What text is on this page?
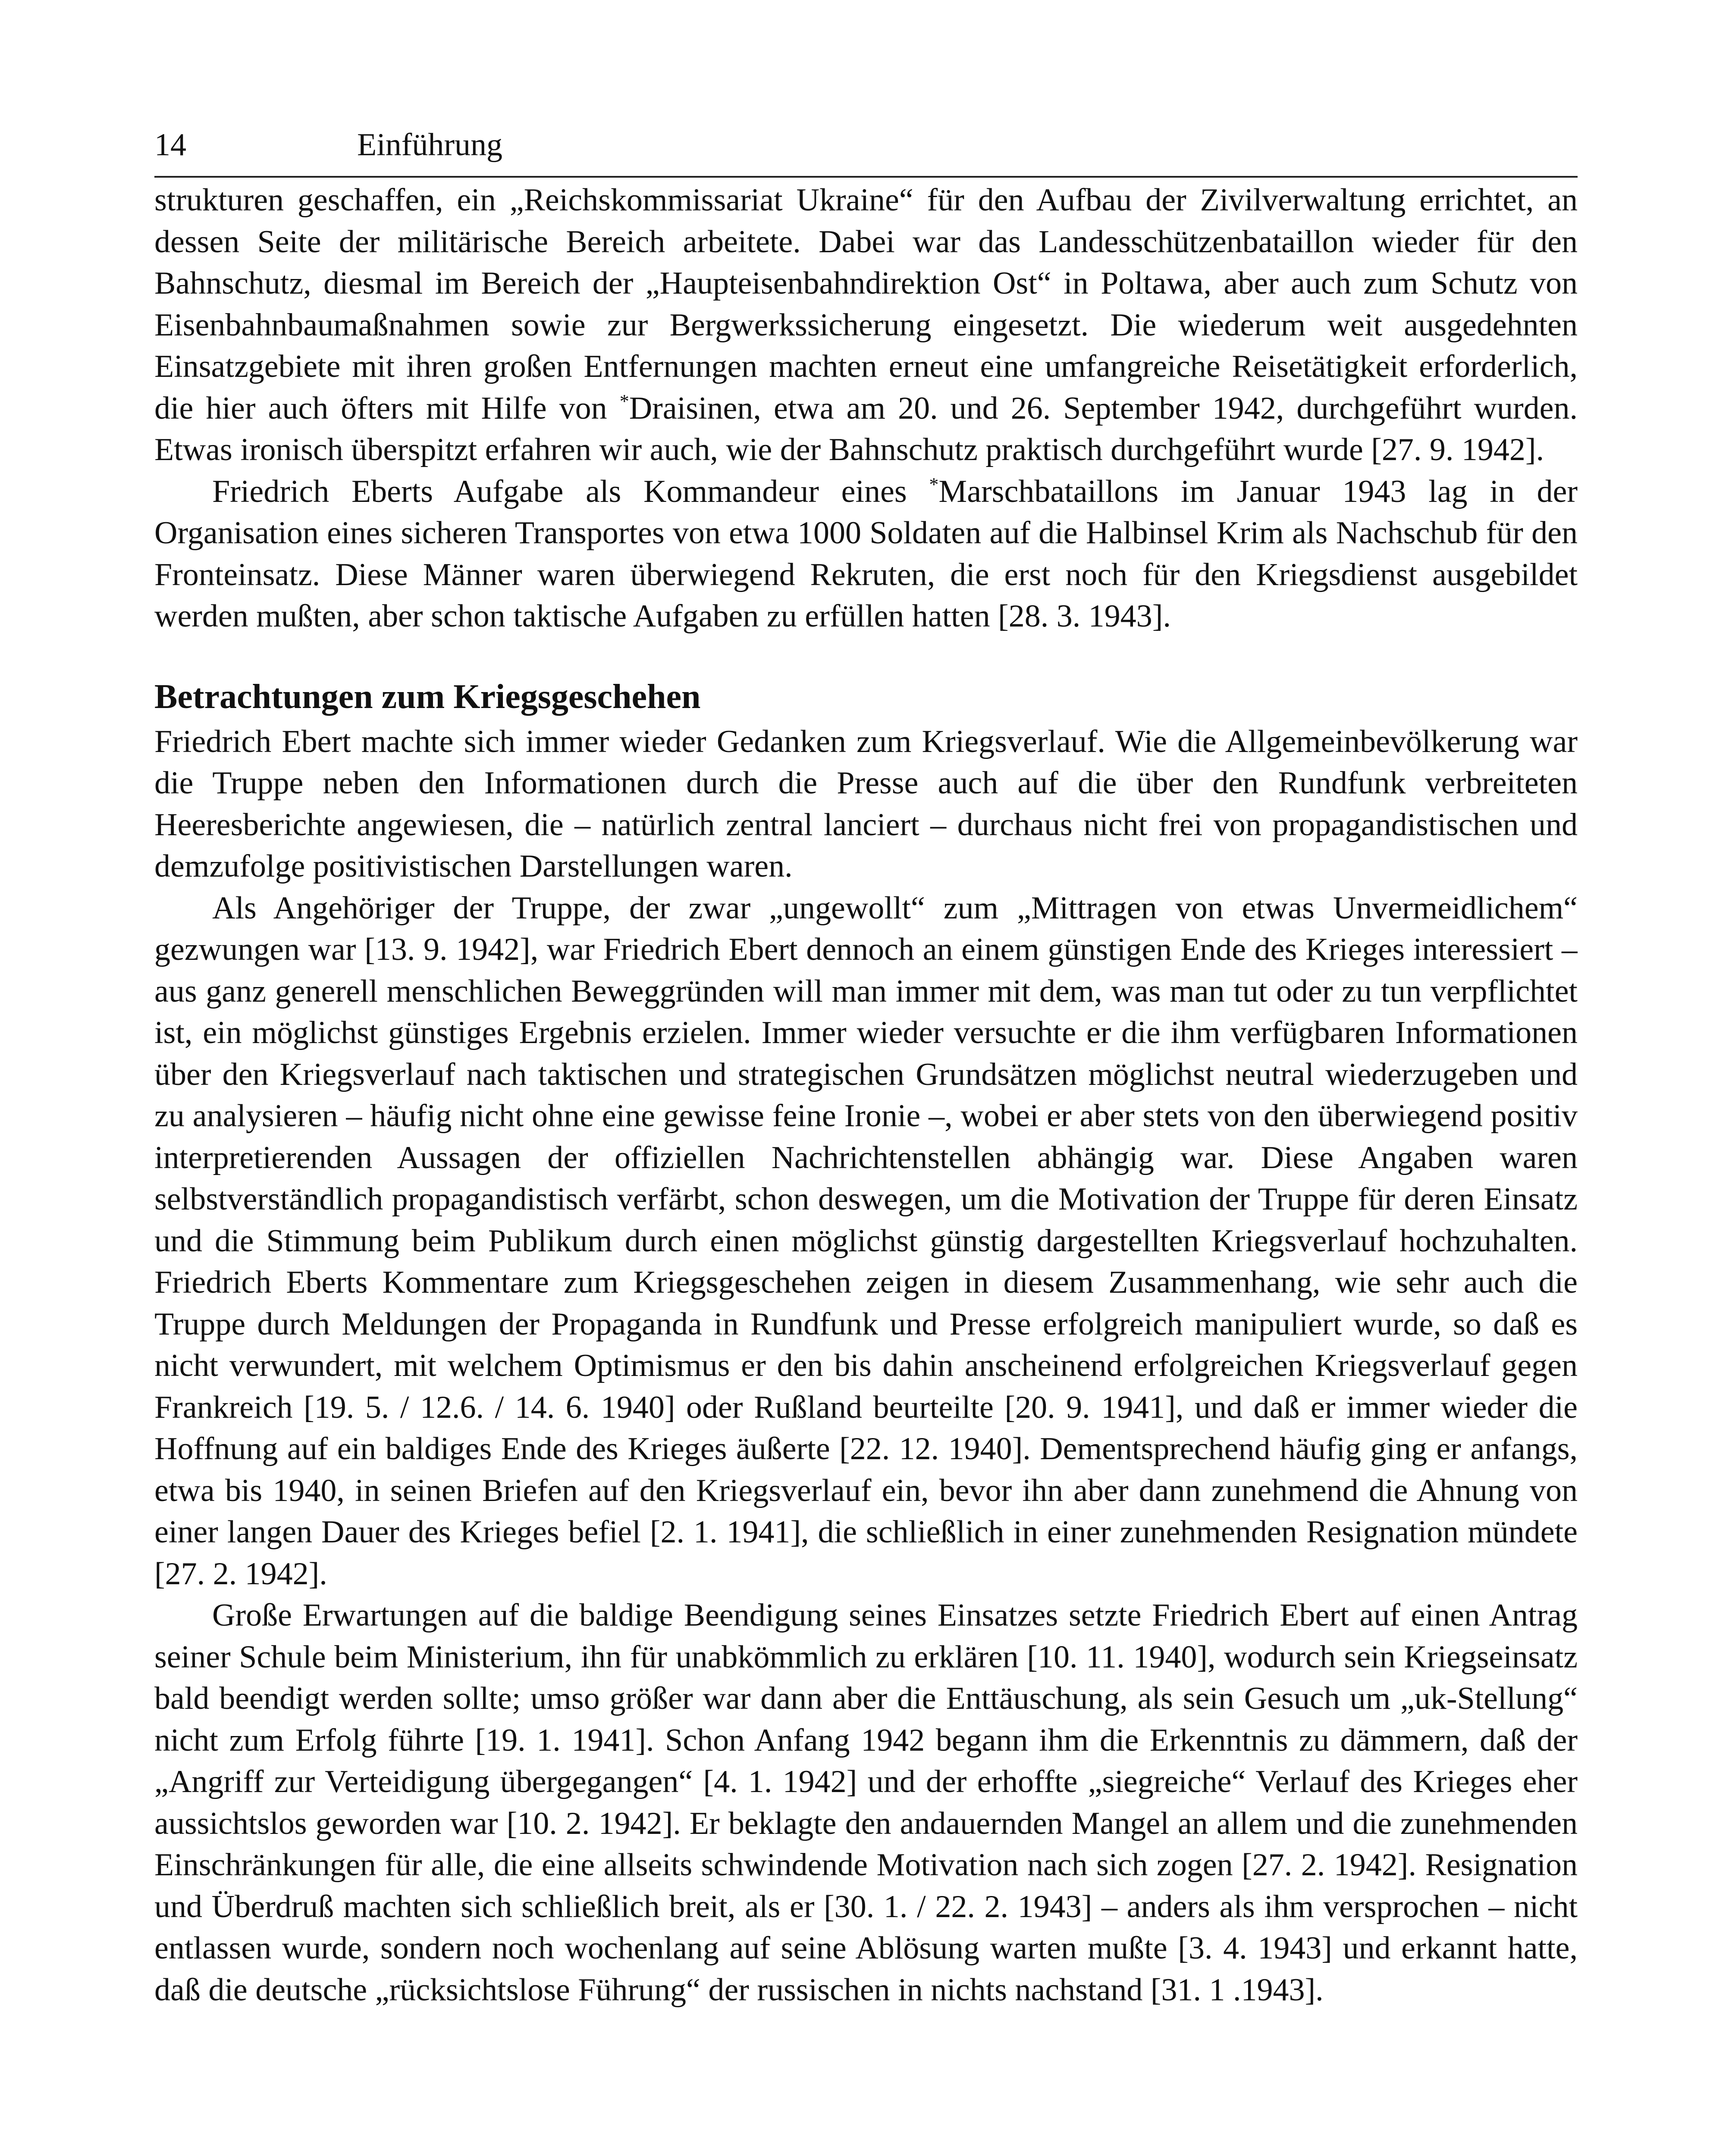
14	Einführung

strukturen geschaffen, ein „Reichskommissariat Ukraine“ für den Aufbau der Zivilverwaltung errichtet, an dessen Seite der militärische Bereich arbeitete. Dabei war das Landesschützenbataillon wieder für den Bahnschutz, diesmal im Bereich der „Haupteisenbahndirektion Ost“ in Poltawa, aber auch zum Schutz von Eisenbahnbaumaßnahmen sowie zur Bergwerkssicherung eingesetzt. Die wiederum weit ausgedehnten Einsatzgebiete mit ihren großen Entfernungen machten erneut eine umfangreiche Reisetätigkeit erforderlich, die hier auch öfters mit Hilfe von *Draisinen, etwa am 20. und 26. September 1942, durchgeführt wurden. Etwas ironisch überspitzt erfahren wir auch, wie der Bahnschutz praktisch durchgeführt wurde [27. 9. 1942].

Friedrich Eberts Aufgabe als Kommandeur eines *Marschbataillons im Januar 1943 lag in der Organisation eines sicheren Transportes von etwa 1000 Soldaten auf die Halbinsel Krim als Nachschub für den Fronteinsatz. Diese Männer waren überwiegend Rekruten, die erst noch für den Kriegsdienst ausgebildet werden mußten, aber schon taktische Aufgaben zu erfüllen hatten [28. 3. 1943].

Betrachtungen zum Kriegsgeschehen

Friedrich Ebert machte sich immer wieder Gedanken zum Kriegsverlauf. Wie die Allgemeinbevölkerung war die Truppe neben den Informationen durch die Presse auch auf die über den Rundfunk verbreiteten Heeresberichte angewiesen, die – natürlich zentral lanciert – durchaus nicht frei von propagandistischen und demzufolge positivistischen Darstellungen waren.

Als Angehöriger der Truppe, der zwar „ungewollt“ zum „Mittragen von etwas Unvermeidlichem“ gezwungen war [13. 9. 1942], war Friedrich Ebert dennoch an einem günstigen Ende des Krieges interessiert – aus ganz generell menschlichen Beweggründen will man immer mit dem, was man tut oder zu tun verpflichtet ist, ein möglichst günstiges Ergebnis erzielen. Immer wieder versuchte er die ihm verfügbaren Informationen über den Kriegsverlauf nach taktischen und strategischen Grundsätzen möglichst neutral wiederzugeben und zu analysieren – häufig nicht ohne eine gewisse feine Ironie –, wobei er aber stets von den überwiegend positiv interpretierenden Aussagen der offiziellen Nachrichtenstellen abhängig war. Diese Angaben waren selbstverständlich propagandistisch verfärbt, schon deswegen, um die Motivation der Truppe für deren Einsatz und die Stimmung beim Publikum durch einen möglichst günstig dargestellten Kriegsverlauf hochzuhalten. Friedrich Eberts Kommentare zum Kriegsgeschehen zeigen in diesem Zusammenhang, wie sehr auch die Truppe durch Meldungen der Propaganda in Rundfunk und Presse erfolgreich manipuliert wurde, so daß es nicht verwundert, mit welchem Optimismus er den bis dahin anscheinend erfolgreichen Kriegsverlauf gegen Frankreich [19. 5. / 12.6. / 14. 6. 1940] oder Rußland beurteilte [20. 9. 1941], und daß er immer wieder die Hoffnung auf ein baldiges Ende des Krieges äußerte [22. 12. 1940]. Dementsprechend häufig ging er anfangs, etwa bis 1940, in seinen Briefen auf den Kriegsverlauf ein, bevor ihn aber dann zunehmend die Ahnung von einer langen Dauer des Krieges befiel [2. 1. 1941], die schließlich in einer zunehmenden Resignation mündete [27. 2. 1942].

Große Erwartungen auf die baldige Beendigung seines Einsatzes setzte Friedrich Ebert auf einen Antrag seiner Schule beim Ministerium, ihn für unabkömmlich zu erklären [10. 11. 1940], wodurch sein Kriegseinsatz bald beendigt werden sollte; umso größer war dann aber die Enttäuschung, als sein Gesuch um „uk-Stellung“ nicht zum Erfolg führte [19. 1. 1941]. Schon Anfang 1942 begann ihm die Erkenntnis zu dämmern, daß der „Angriff zur Verteidigung übergegangen“ [4. 1. 1942] und der erhoffte „siegreiche“ Verlauf des Krieges eher aussichtslos geworden war [10. 2. 1942]. Er beklagte den andauernden Mangel an allem und die zunehmenden Einschränkungen für alle, die eine allseits schwindende Motivation nach sich zogen [27. 2. 1942]. Resignation und Überdruß machten sich schließlich breit, als er [30. 1. / 22. 2. 1943] – anders als ihm versprochen – nicht entlassen wurde, sondern noch wochenlang auf seine Ablösung warten mußte [3. 4. 1943] und erkannt hatte, daß die deutsche „rücksichtslose Führung“ der russischen in nichts nachstand [31. 1 .1943].
